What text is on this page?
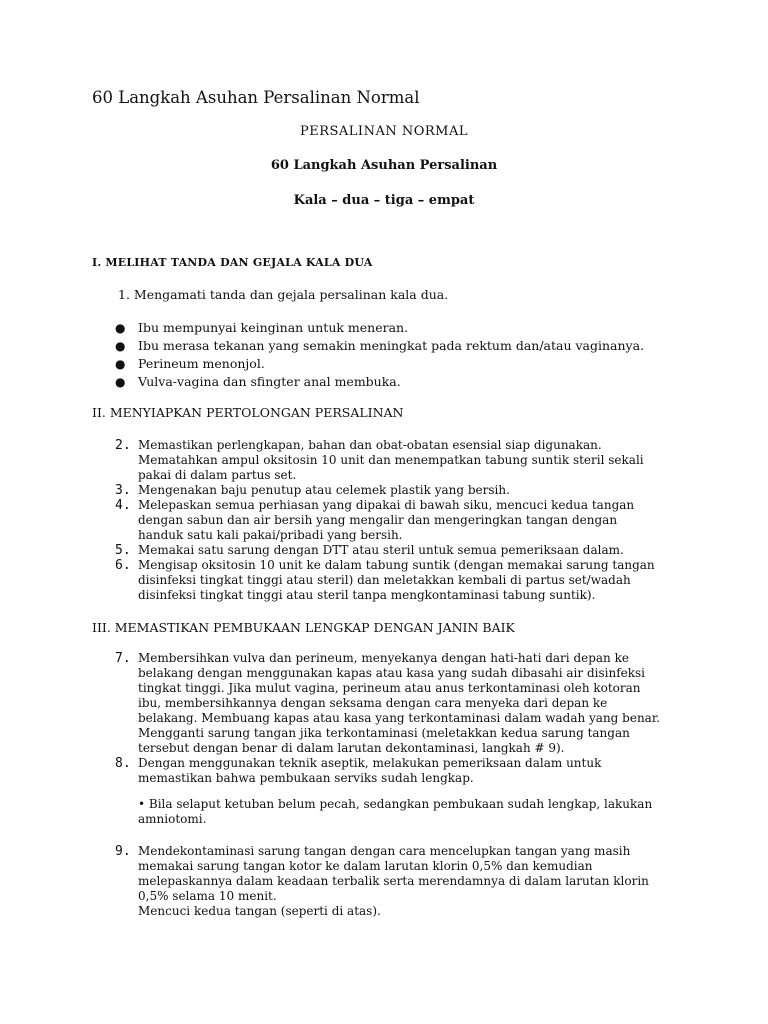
60 Langkah Asuhan Persalinan Normal

PERSALINAN NORMAL

60 Langkah Asuhan Persalinan

Kala – dua – tiga – empat

I. MELIHAT TANDA DAN GEJALA KALA DUA

1. Mengamati tanda dan gejala persalinan kala dua.

● Ibu mempunyai keinginan untuk meneran.
● Ibu merasa tekanan yang semakin meningkat pada rektum dan/atau vaginanya.
● Perineum menonjol.
● Vulva-vagina dan sfingter anal membuka.
II. MENYIAPKAN PERTOLONGAN PERSALINAN
2. Memastikan perlengkapan, bahan dan obat-obatan esensial siap digunakan. Mematahkan ampul oksitosin 10 unit dan menempatkan tabung suntik steril sekali pakai di dalam partus set.
3. Mengenakan baju penutup atau celemek plastik yang bersih.
4. Melepaskan semua perhiasan yang dipakai di bawah siku, mencuci kedua tangan dengan sabun dan air bersih yang mengalir dan mengeringkan tangan dengan handuk satu kali pakai/pribadi yang bersih.
5. Memakai satu sarung dengan DTT atau steril untuk semua pemeriksaan dalam.
6. Mengisap oksitosin 10 unit ke dalam tabung suntik (dengan memakai sarung tangan disinfeksi tingkat tinggi atau steril) dan meletakkan kembali di partus set/wadah disinfeksi tingkat tinggi atau steril tanpa mengkontaminasi tabung suntik).
III. MEMASTIKAN PEMBUKAAN LENGKAP DENGAN JANIN BAIK
7. Membersihkan vulva dan perineum, menyekanya dengan hati-hati dari depan ke belakang dengan menggunakan kapas atau kasa yang sudah dibasahi air disinfeksi tingkat tinggi. Jika mulut vagina, perineum atau anus terkontaminasi oleh kotoran ibu, membersihkannya dengan seksama dengan cara menyeka dari depan ke belakang. Membuang kapas atau kasa yang terkontaminasi dalam wadah yang benar. Mengganti sarung tangan jika terkontaminasi (meletakkan kedua sarung tangan tersebut dengan benar di dalam larutan dekontaminasi, langkah # 9).
8. Dengan menggunakan teknik aseptik, melakukan pemeriksaan dalam untuk memastikan bahwa pembukaan serviks sudah lengkap.

• Bila selaput ketuban belum pecah, sedangkan pembukaan sudah lengkap, lakukan amniotomi.

9. Mendekontaminasi sarung tangan dengan cara mencelupkan tangan yang masih memakai sarung tangan kotor ke dalam larutan klorin 0,5% dan kemudian melepaskannya dalam keadaan terbalik serta merendamnya di dalam larutan klorin 0,5% selama 10 menit.

Mencuci kedua tangan (seperti di atas).
